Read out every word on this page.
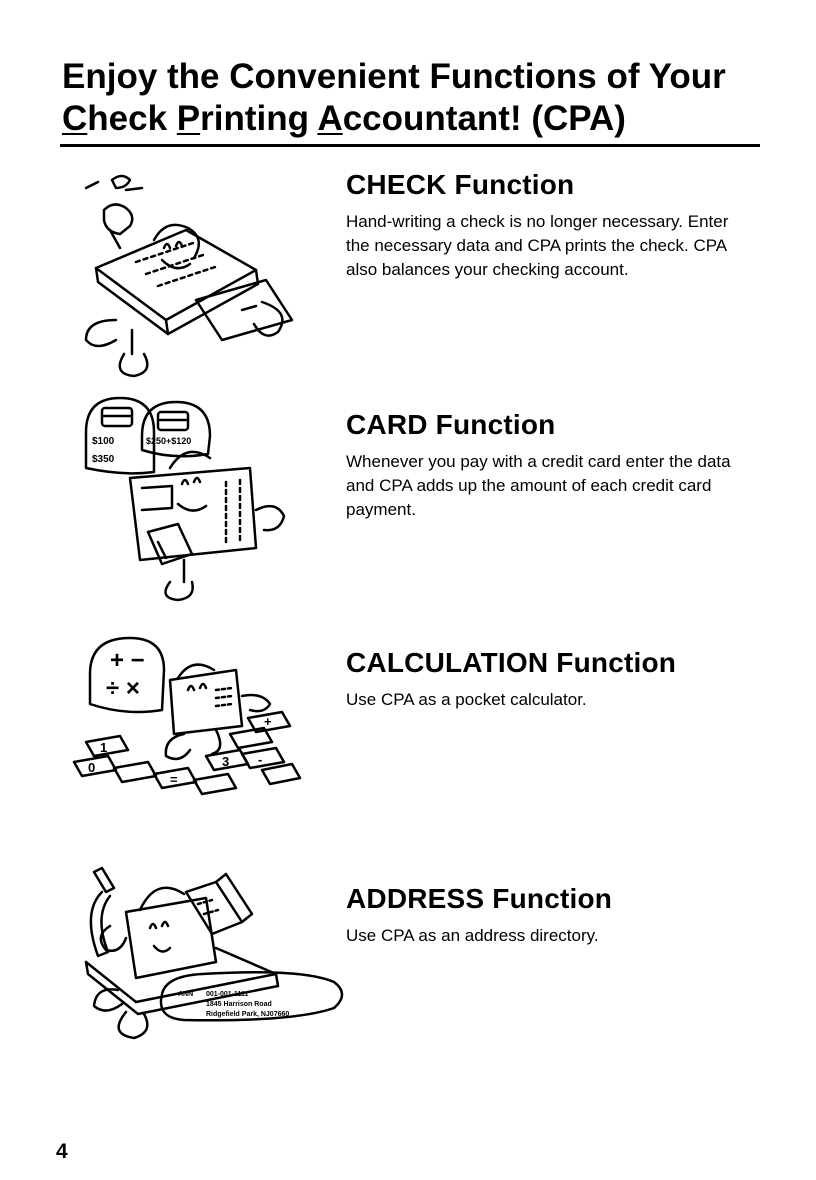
Enjoy the Convenient Functions of Your
Check Printing Accountant! (CPA)
CHECK Function

Hand-writing a check is no longer necessary. Enter the necessary data and CPA prints the check. CPA also balances your checking account.

$100
$350
$250+$120
CARD Function

Whenever you pay with a credit card enter the data and CPA adds up the amount of each credit card payment.

+ −
÷ ×
0
1
3
+
-
=
CALCULATION Function

Use CPA as a pocket calculator.

ANN 001-001-1111
1845 Harrison Road
Ridgefield Park, NJ07660
ADDRESS Function

Use CPA as an address directory.

4
